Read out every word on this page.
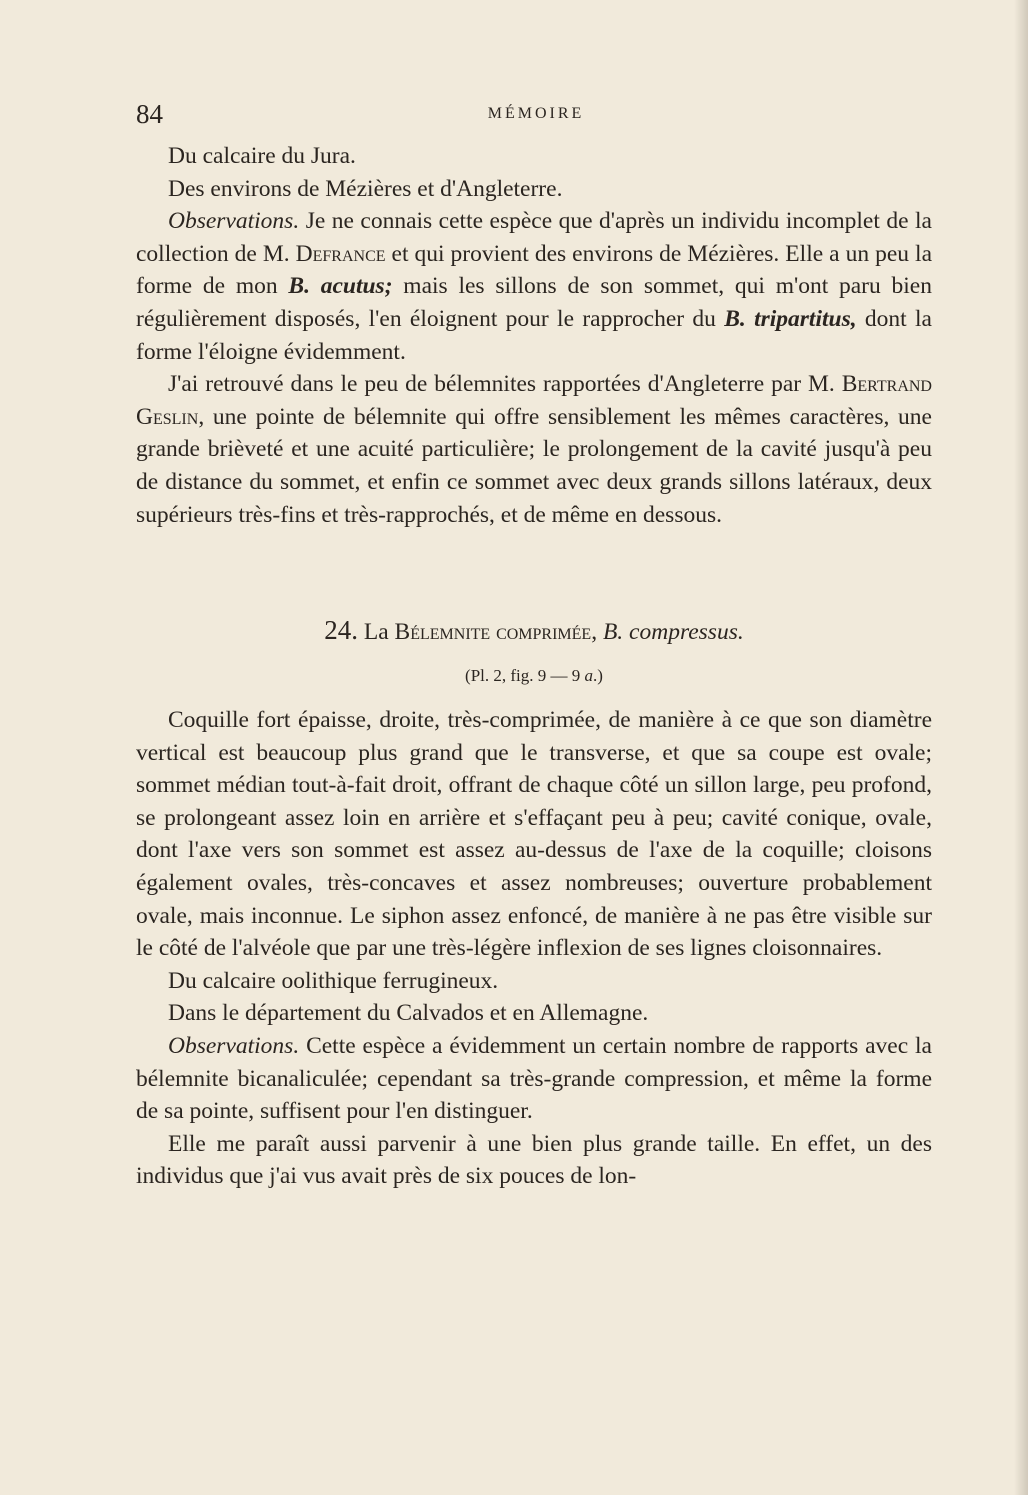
84	MÉMOIRE

Du calcaire du Jura.

Des environs de Mézières et d'Angleterre.

Observations. Je ne connais cette espèce que d'après un individu incomplet de la collection de M. Defrance et qui provient des environs de Mézières. Elle a un peu la forme de mon B. acutus; mais les sillons de son sommet, qui m'ont paru bien régulièrement disposés, l'en éloignent pour le rapprocher du B. tripartitus, dont la forme l'éloigne évidemment.

J'ai retrouvé dans le peu de bélemnites rapportées d'Angleterre par M. Bertrand Geslin, une pointe de bélemnite qui offre sensiblement les mêmes caractères, une grande brièveté et une acuité particulière; le prolongement de la cavité jusqu'à peu de distance du sommet, et enfin ce sommet avec deux grands sillons latéraux, deux supérieurs très-fins et très-rapprochés, et de même en dessous.

24. La Bélemnite comprimée, B. compressus.
(Pl. 2, fig. 9 — 9 a.)

Coquille fort épaisse, droite, très-comprimée, de manière à ce que son diamètre vertical est beaucoup plus grand que le transverse, et que sa coupe est ovale; sommet médian tout-à-fait droit, offrant de chaque côté un sillon large, peu profond, se prolongeant assez loin en arrière et s'effaçant peu à peu; cavité conique, ovale, dont l'axe vers son sommet est assez au-dessus de l'axe de la coquille; cloisons également ovales, très-concaves et assez nombreuses; ouverture probablement ovale, mais inconnue. Le siphon assez enfoncé, de manière à ne pas être visible sur le côté de l'alvéole que par une très-légère inflexion de ses lignes cloisonnaires.

Du calcaire oolithique ferrugineux.

Dans le département du Calvados et en Allemagne.

Observations. Cette espèce a évidemment un certain nombre de rapports avec la bélemnite bicanaliculée; cependant sa très-grande compression, et même la forme de sa pointe, suffisent pour l'en distinguer.

Elle me paraît aussi parvenir à une bien plus grande taille. En effet, un des individus que j'ai vus avait près de six pouces de lon-
